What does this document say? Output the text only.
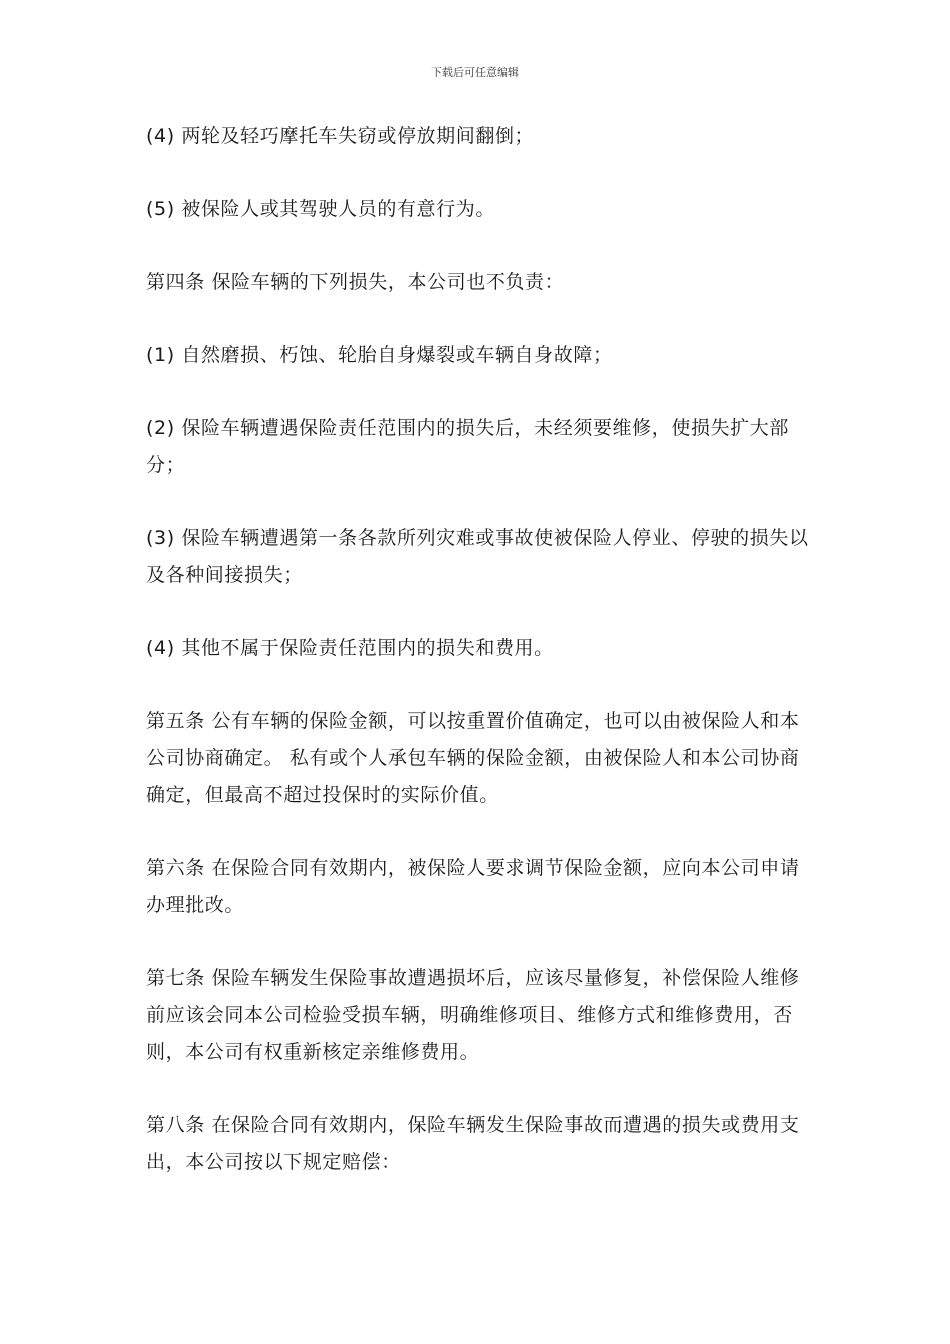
下载后可任意编辑

(4) 两轮及轻巧摩托车失窃或停放期间翻倒；

(5) 被保险人或其驾驶人员的有意行为。

第四条 保险车辆的下列损失，本公司也不负责：

(1) 自然磨损、朽蚀、轮胎自身爆裂或车辆自身故障；

(2) 保险车辆遭遇保险责任范围内的损失后，未经须要维修，使损失扩大部分；

(3) 保险车辆遭遇第一条各款所列灾难或事故使被保险人停业、停驶的损失以及各种间接损失；

(4) 其他不属于保险责任范围内的损失和费用。

第五条 公有车辆的保险金额，可以按重置价值确定，也可以由被保险人和本公司协商确定。 私有或个人承包车辆的保险金额，由被保险人和本公司协商确定，但最高不超过投保时的实际价值。

第六条 在保险合同有效期内，被保险人要求调节保险金额，应向本公司申请办理批改。

第七条 保险车辆发生保险事故遭遇损坏后，应该尽量修复，补偿保险人维修前应该会同本公司检验受损车辆，明确维修项目、维修方式和维修费用，否则，本公司有权重新核定亲维修费用。

第八条 在保险合同有效期内，保险车辆发生保险事故而遭遇的损失或费用支出，本公司按以下规定赔偿：
